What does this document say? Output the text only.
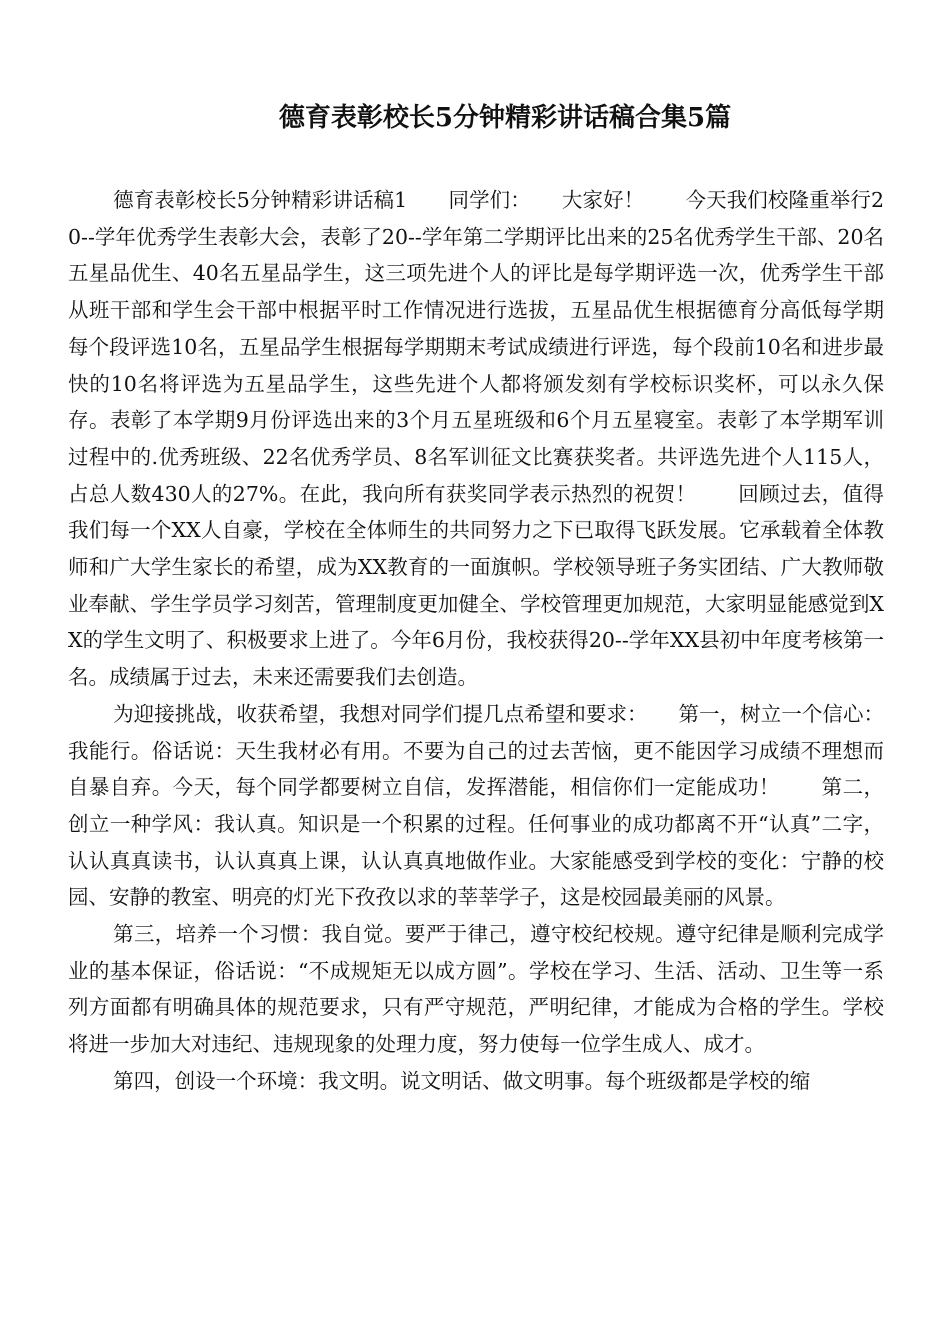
德育表彰校长5分钟精彩讲话稿合集5篇

德育表彰校长5分钟精彩讲话稿1　　同学们：　　大家好！　　今天我们校隆重举行20--学年优秀学生表彰大会，表彰了20--学年第二学期评比出来的25名优秀学生干部、20名五星品优生、40名五星品学生，这三项先进个人的评比是每学期评选一次，优秀学生干部从班干部和学生会干部中根据平时工作情况进行选拔，五星品优生根据德育分高低每学期每个段评选10名，五星品学生根据每学期期末考试成绩进行评选，每个段前10名和进步最快的10名将评选为五星品学生，这些先进个人都将颁发刻有学校标识奖杯，可以永久保存。表彰了本学期9月份评选出来的3个月五星班级和6个月五星寝室。表彰了本学期军训过程中的.优秀班级、22名优秀学员、8名军训征文比赛获奖者。共评选先进个人115人，占总人数430人的27%。在此，我向所有获奖同学表示热烈的祝贺！　　回顾过去，值得我们每一个XX人自豪，学校在全体师生的共同努力之下已取得飞跃发展。它承载着全体教师和广大学生家长的希望，成为XX教育的一面旗帜。学校领导班子务实团结、广大教师敬业奉献、学生学员学习刻苦，管理制度更加健全、学校管理更加规范，大家明显能感觉到XX的学生文明了、积极要求上进了。今年6月份，我校获得20--学年XX县初中年度考核第一名。成绩属于过去，未来还需要我们去创造。

为迎接挑战，收获希望，我想对同学们提几点希望和要求：　　第一，树立一个信心：我能行。俗话说：天生我材必有用。不要为自己的过去苦恼，更不能因学习成绩不理想而自暴自弃。今天，每个同学都要树立自信，发挥潜能，相信你们一定能成功！　　第二，创立一种学风：我认真。知识是一个积累的过程。任何事业的成功都离不开“认真”二字，认认真真读书，认认真真上课，认认真真地做作业。大家能感受到学校的变化：宁静的校园、安静的教室、明亮的灯光下孜孜以求的莘莘学子，这是校园最美丽的风景。

第三，培养一个习惯：我自觉。要严于律己，遵守校纪校规。遵守纪律是顺利完成学业的基本保证，俗话说：“不成规矩无以成方圆”。学校在学习、生活、活动、卫生等一系列方面都有明确具体的规范要求，只有严守规范，严明纪律，才能成为合格的学生。学校将进一步加大对违纪、违规现象的处理力度，努力使每一位学生成人、成才。

第四，创设一个环境：我文明。说文明话、做文明事。每个班级都是学校的缩
